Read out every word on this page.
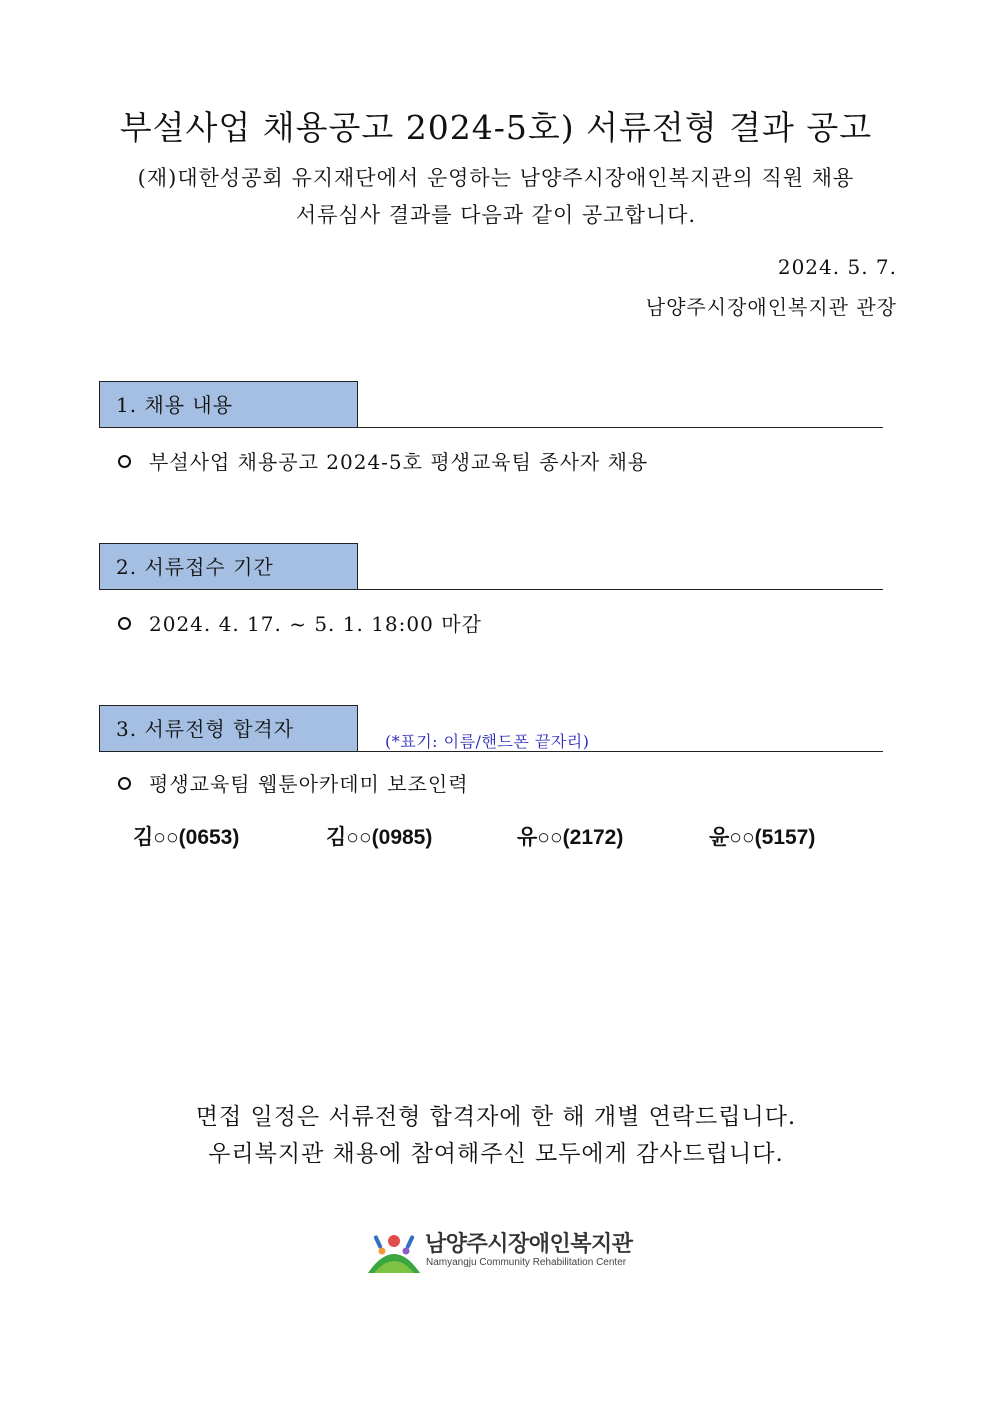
부설사업 채용공고 2024-5호) 서류전형 결과 공고
(재)대한성공회 유지재단에서 운영하는 남양주시장애인복지관의 직원 채용
서류심사 결과를 다음과 같이 공고합니다.
2024. 5. 7.
남양주시장애인복지관 관장
1. 채용 내용
부설사업 채용공고 2024-5호 평생교육팀 종사자 채용
2. 서류접수 기간
2024. 4. 17. ~ 5. 1. 18:00 마감
3. 서류전형 합격자
(*표기: 이름/핸드폰 끝자리)
평생교육팀 웹툰아카데미 보조인력
김○○(0653)	김○○(0985)	유○○(2172)	윤○○(5157)
면접 일정은 서류전형 합격자에 한 해 개별 연락드립니다.
우리복지관 채용에 참여해주신 모두에게 감사드립니다.
남양주시장애인복지관
Namyangju Community Rehabilitation Center
